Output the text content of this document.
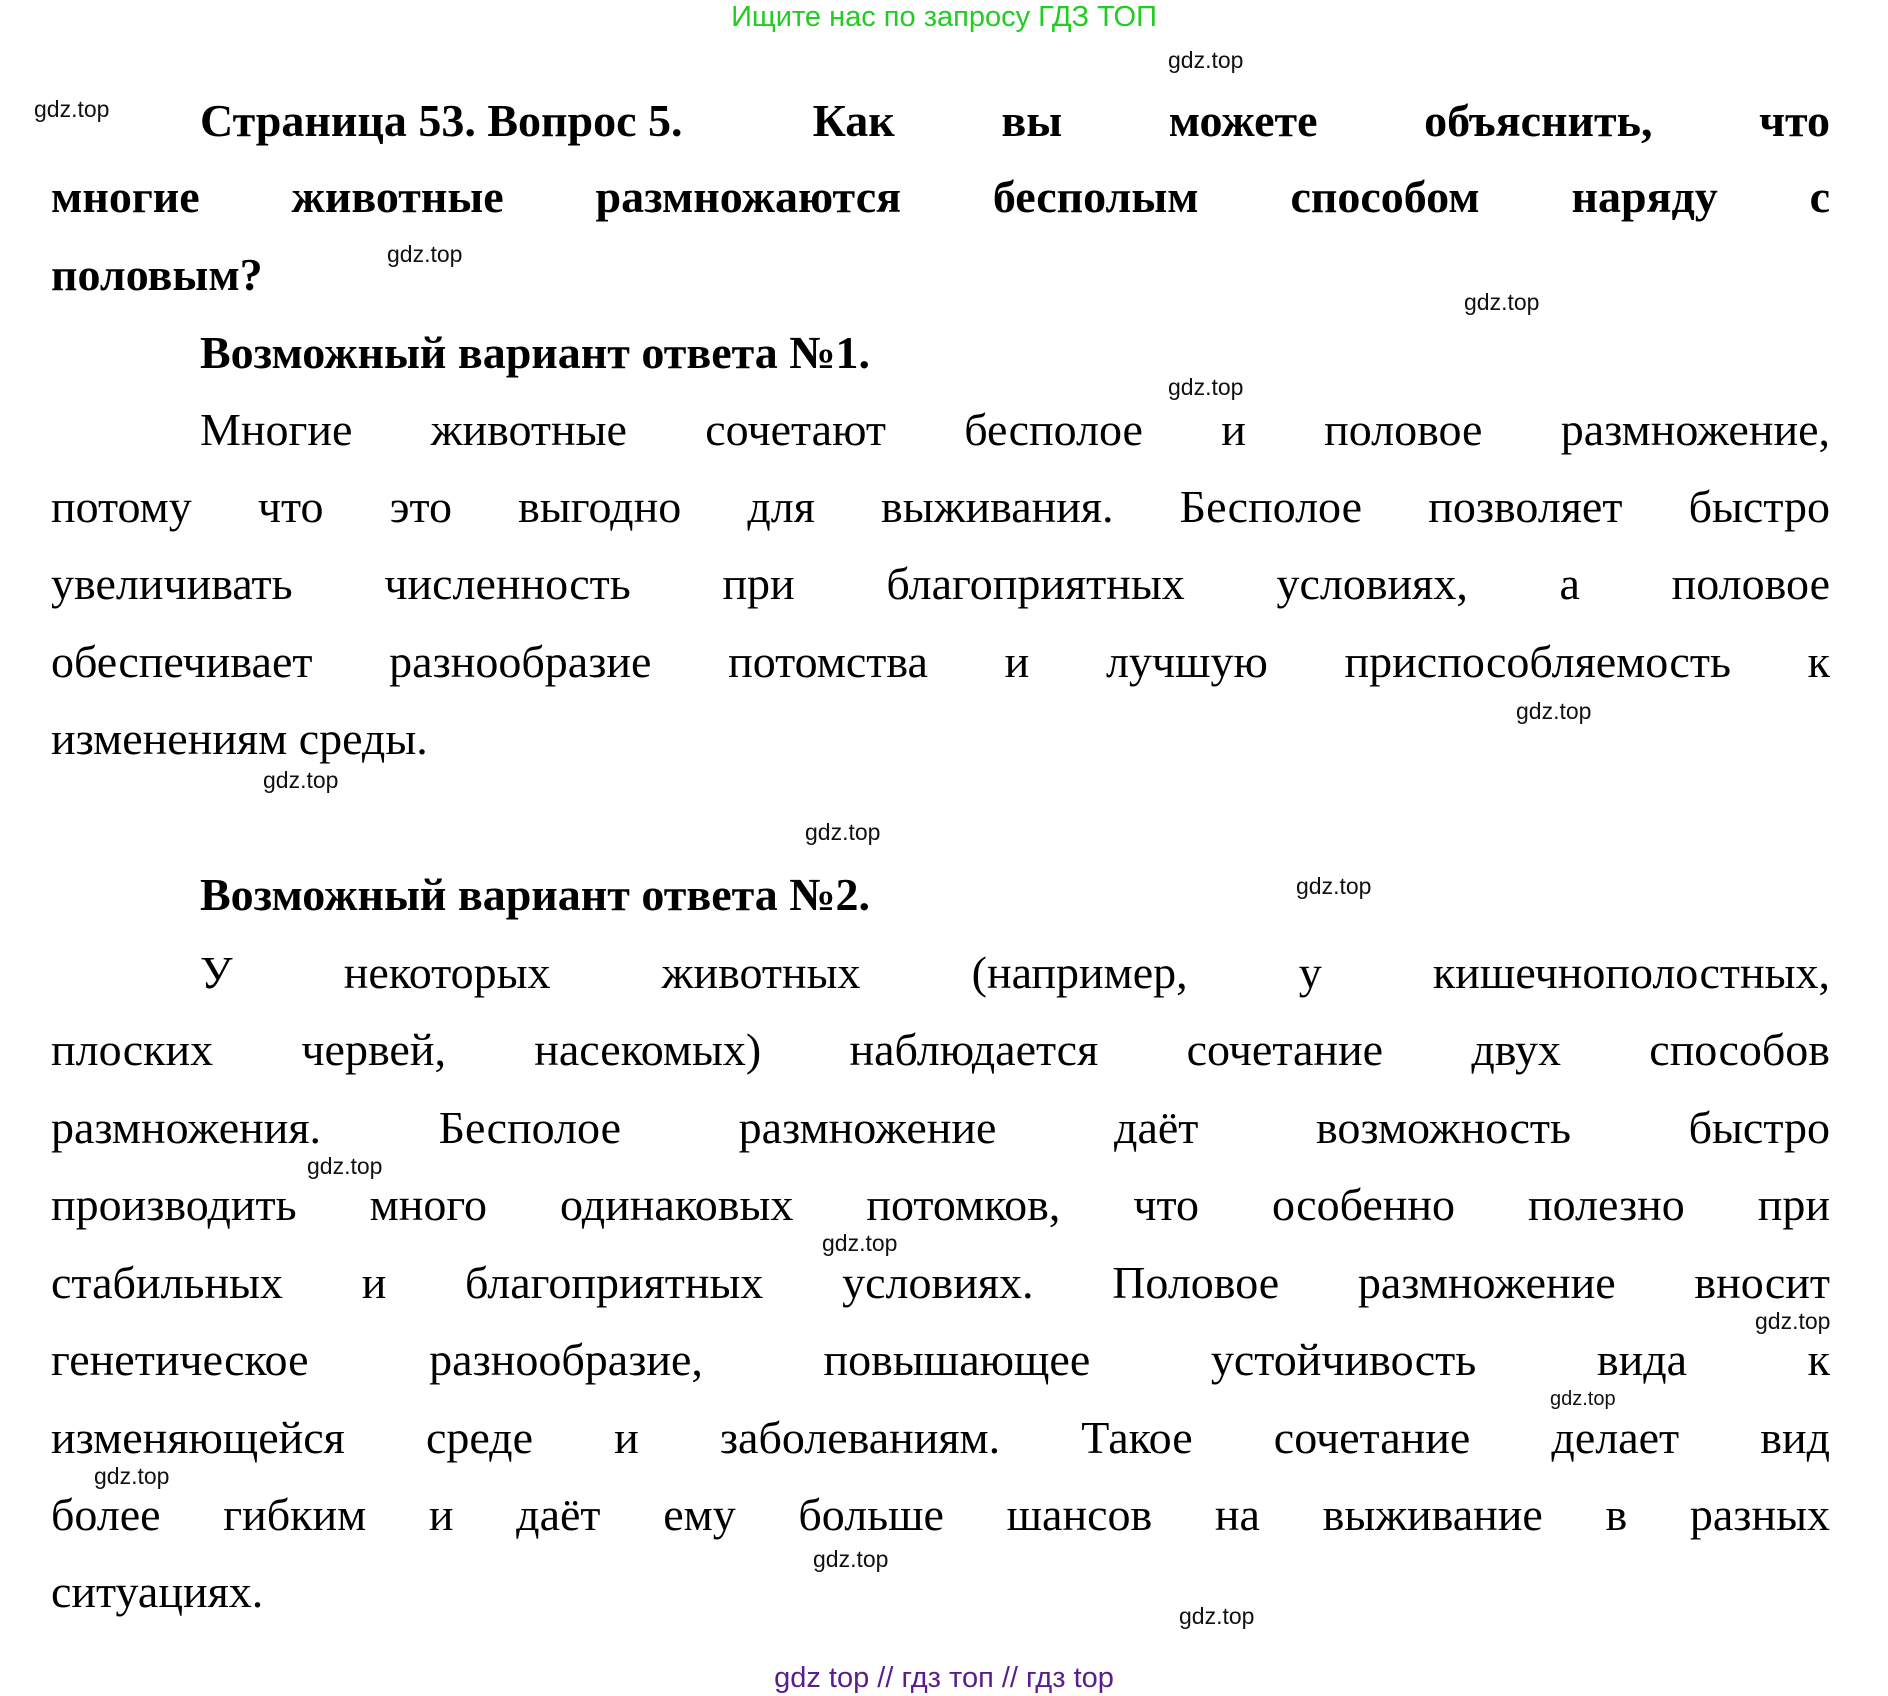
Ищите нас по запросу ГДЗ ТОП
Страница 53. Вопрос 5.	Как вы можете объяснить, что
многие животные размножаются бесполым способом наряду с
половым?
Возможный вариант ответа №1.
Многие животные сочетают бесполое и половое размножение,
потому что это выгодно для выживания. Бесполое позволяет быстро
увеличивать численность при благоприятных условиях, а половое
обеспечивает разнообразие потомства и лучшую приспособляемость к
изменениям среды.
Возможный вариант ответа №2.
У некоторых животных (например, у кишечнополостных,
плоских червей, насекомых) наблюдается сочетание двух способов
размножения. Бесполое размножение даёт возможность быстро
производить много одинаковых потомков, что особенно полезно при
стабильных и благоприятных условиях. Половое размножение вносит
генетическое разнообразие, повышающее устойчивость вида к
изменяющейся среде и заболеваниям. Такое сочетание делает вид
более гибким и даёт ему больше шансов на выживание в разных
ситуациях.
gdz.top
gdz.top
gdz.top
gdz.top
gdz.top
gdz.top
gdz.top
gdz.top
gdz.top
gdz.top
gdz.top
gdz.top
gdz.top
gdz.top
gdz.top
gdz.top
gdz top // гдз топ // гдз top
